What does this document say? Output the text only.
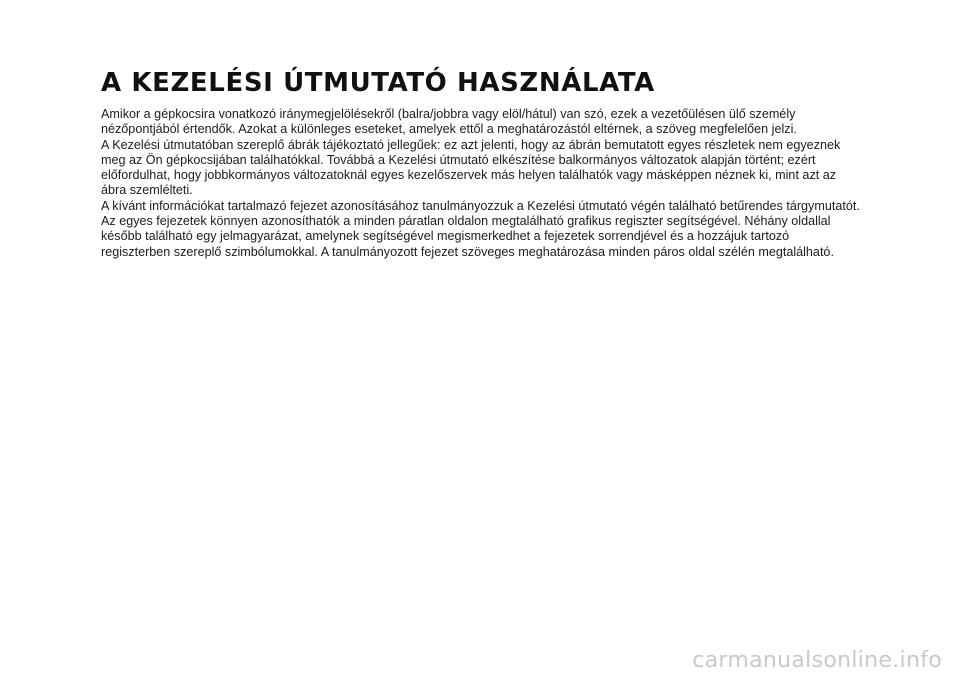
A KEZELÉSI ÚTMUTATÓ HASZNÁLATA

Amikor a gépkocsira vonatkozó iránymegjelölésekről (balra/jobbra vagy elöl/hátul) van szó, ezek a vezetőülésen ülő személy nézőpontjából értendők. Azokat a különleges eseteket, amelyek ettől a meghatározástól eltérnek, a szöveg megfelelően jelzi.

A Kezelési útmutatóban szereplő ábrák tájékoztató jellegűek: ez azt jelenti, hogy az ábrán bemutatott egyes részletek nem egyeznek meg az Ön gépkocsijában találhatókkal. Továbbá a Kezelési útmutató elkészítése balkormányos változatok alapján történt; ezért előfordulhat, hogy jobbkormányos változatoknál egyes kezelőszervek más helyen találhatók vagy másképpen néznek ki, mint azt az ábra szemlélteti.

A kívánt információkat tartalmazó fejezet azonosításához tanulmányozzuk a Kezelési útmutató végén található betűrendes tárgymutatót.

Az egyes fejezetek könnyen azonosíthatók a minden páratlan oldalon megtalálható grafikus regiszter segítségével. Néhány oldallal később található egy jelmagyarázat, amelynek segítségével megismerkedhet a fejezetek sorrendjével és a hozzájuk tartozó regiszterben szereplő szimbólumokkal. A tanulmányozott fejezet szöveges meghatározása minden páros oldal szélén megtalálható.

carmanualsonline.info
